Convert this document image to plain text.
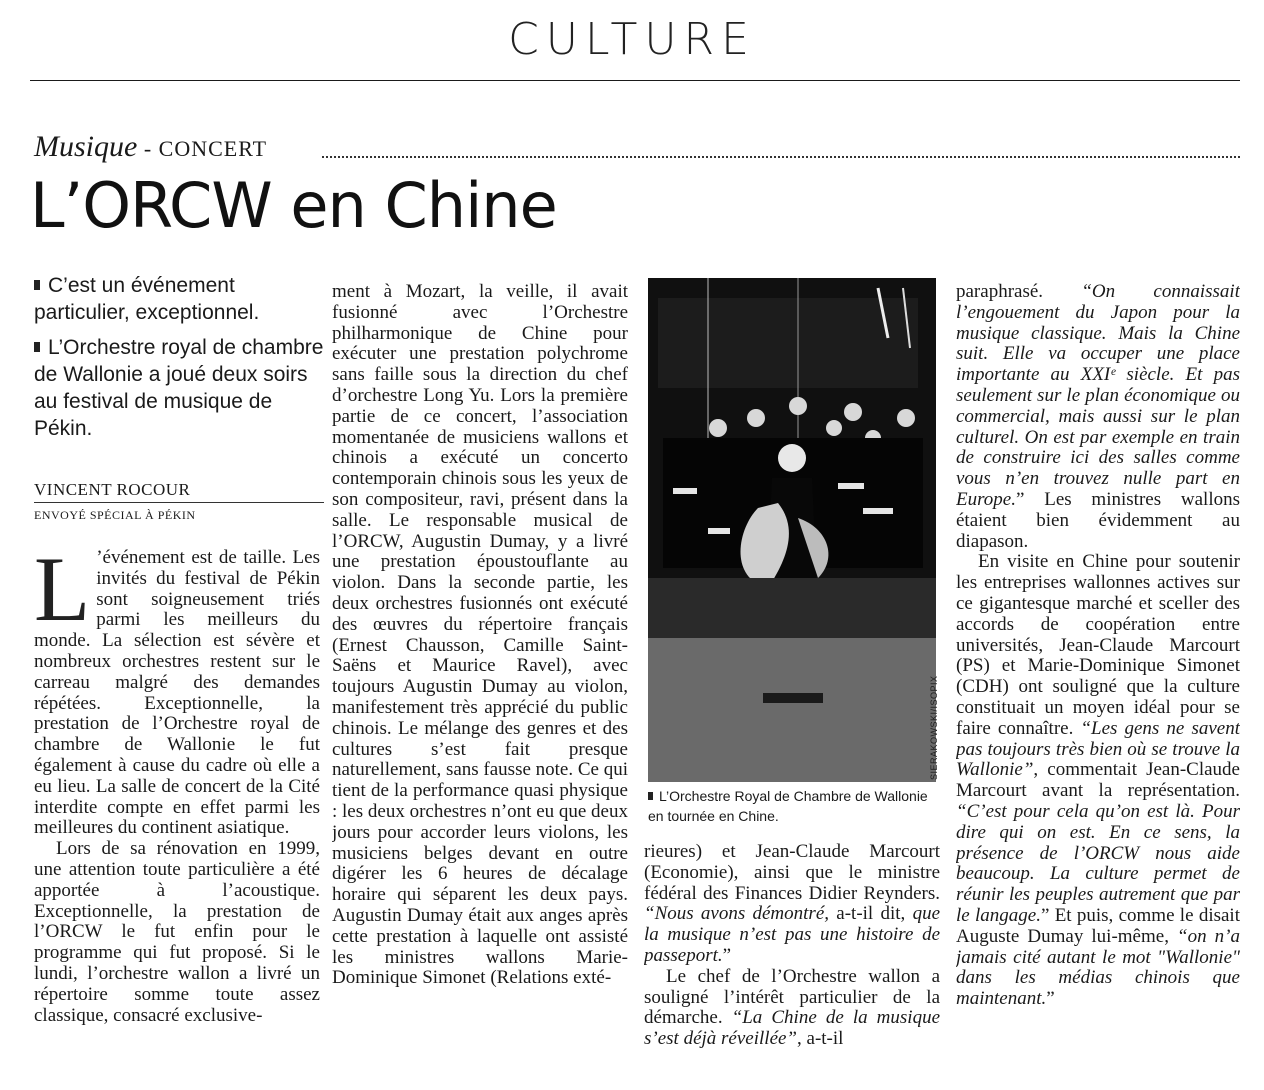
CULTURE
Musique - CONCERT
L’ORCW en Chine

C’est un événement particulier, exceptionnel.

L’Orchestre royal de chambre de Wallonie a joué deux soirs au festival de musique de Pékin.

VINCENT ROCOUR
ENVOYÉ SPÉCIAL À PÉKIN

L ’événement est de taille. Les invités du festival de Pékin sont soigneusement triés parmi les meilleurs du monde. La sélection est sévère et nombreux orchestres restent sur le carreau malgré des demandes répétées. Exceptionnelle, la prestation de l’Orchestre royal de chambre de Wallonie le fut également à cause du cadre où elle a eu lieu. La salle de concert de la Cité interdite compte en effet parmi les meilleures du continent asiatique.

Lors de sa rénovation en 1999, une attention toute particulière a été apportée à l’acoustique. Exceptionnelle, la prestation de l’ORCW le fut enfin pour le programme qui fut proposé. Si le lundi, l’orchestre wallon a livré un répertoire somme toute assez classique, consacré exclusive-

ment à Mozart, la veille, il avait fusionné avec l’Orchestre philharmonique de Chine pour exécuter une prestation polychrome sans faille sous la direction du chef d’orchestre Long Yu. Lors la première partie de ce concert, l’association momentanée de musiciens wallons et chinois a exécuté un concerto contemporain chinois sous les yeux de son compositeur, ravi, présent dans la salle. Le responsable musical de l’ORCW, Augustin Dumay, y a livré une prestation époustouflante au violon. Dans la seconde partie, les deux orchestres fusionnés ont exécuté des œuvres du répertoire français (Ernest Chausson, Camille Saint-Saëns et Maurice Ravel), avec toujours Augustin Dumay au violon, manifestement très apprécié du public chinois. Le mélange des genres et des cultures s’est fait presque naturellement, sans fausse note. Ce qui tient de la performance quasi physique : les deux orchestres n’ont eu que deux jours pour accorder leurs violons, les musiciens belges devant en outre digérer les 6 heures de décalage horaire qui séparent les deux pays. Augustin Dumay était aux anges après cette prestation à laquelle ont assisté les ministres wallons Marie-Dominique Simonet (Relations exté-

SIERAKOWSKI/ISOPIX
L’Orchestre Royal de Chambre de Wallonie en tournée en Chine.

rieures) et Jean-Claude Marcourt (Economie), ainsi que le ministre fédéral des Finances Didier Reynders. “Nous avons démontré, a-t-il dit, que la musique n’est pas une histoire de passeport.”

Le chef de l’Orchestre wallon a souligné l’intérêt particulier de la démarche. “La Chine de la musique s’est déjà réveillée”, a-t-il

paraphrasé. “On connaissait l’engouement du Japon pour la musique classique. Mais la Chine suit. Elle va occuper une place importante au XXIᵉ siècle. Et pas seulement sur le plan économique ou commercial, mais aussi sur le plan culturel. On est par exemple en train de construire ici des salles comme vous n’en trouvez nulle part en Europe.” Les ministres wallons étaient bien évidemment au diapason.

En visite en Chine pour soutenir les entreprises wallonnes actives sur ce gigantesque marché et sceller des accords de coopération entre universités, Jean-Claude Marcourt (PS) et Marie-Dominique Simonet (CDH) ont souligné que la culture constituait un moyen idéal pour se faire connaître. “Les gens ne savent pas toujours très bien où se trouve la Wallonie”, commentait Jean-Claude Marcourt avant la représentation. “C’est pour cela qu’on est là. Pour dire qui on est. En ce sens, la présence de l’ORCW nous aide beaucoup. La culture permet de réunir les peuples autrement que par le langage.” Et puis, comme le disait Auguste Dumay lui-même, “on n’a jamais cité autant le mot "Wallonie" dans les médias chinois que maintenant.”
